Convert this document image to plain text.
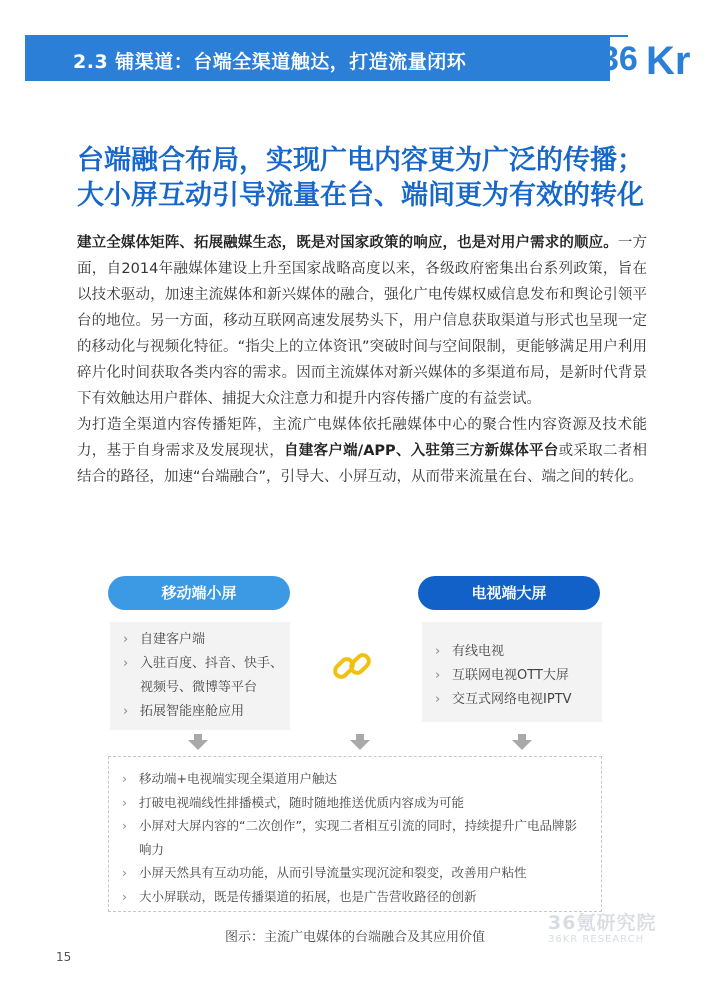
2.3 铺渠道：台端全渠道触达，打造流量闭环	36 Kr
台端融合布局，实现广电内容更为广泛的传播；
大小屏互动引导流量在台、端间更为有效的转化

建立全媒体矩阵、拓展融媒生态，既是对国家政策的响应，也是对用户需求的顺应。一方面，自2014年融媒体建设上升至国家战略高度以来，各级政府密集出台系列政策，旨在以技术驱动，加速主流媒体和新兴媒体的融合，强化广电传媒权威信息发布和舆论引领平台的地位。另一方面，移动互联网高速发展势头下，用户信息获取渠道与形式也呈现一定的移动化与视频化特征。“指尖上的立体资讯”突破时间与空间限制，更能够满足用户利用碎片化时间获取各类内容的需求。因而主流媒体对新兴媒体的多渠道布局，是新时代背景下有效触达用户群体、捕捉大众注意力和提升内容传播广度的有益尝试。

为打造全渠道内容传播矩阵，主流广电媒体依托融媒体中心的聚合性内容资源及技术能力，基于自身需求及发展现状，自建客户端/APP、入驻第三方新媒体平台或采取二者相结合的路径，加速“台端融合”，引导大、小屏互动，从而带来流量在台、端之间的转化。

移动端小屏	电视端大屏
› 自建客户端
› 入驻百度、抖音、快手、视频号、微博等平台
› 拓展智能座舱应用
› 有线电视
› 互联网电视OTT大屏
› 交互式网络电视IPTV
› 移动端+电视端实现全渠道用户触达
› 打破电视端线性排播模式，随时随地推送优质内容成为可能
› 小屏对大屏内容的“二次创作”，实现二者相互引流的同时，持续提升广电品牌影响力
› 小屏天然具有互动功能，从而引导流量实现沉淀和裂变，改善用户粘性
› 大小屏联动，既是传播渠道的拓展，也是广告营收路径的创新
36氪研究院
36KR RESEARCH
图示：主流广电媒体的台端融合及其应用价值
15
